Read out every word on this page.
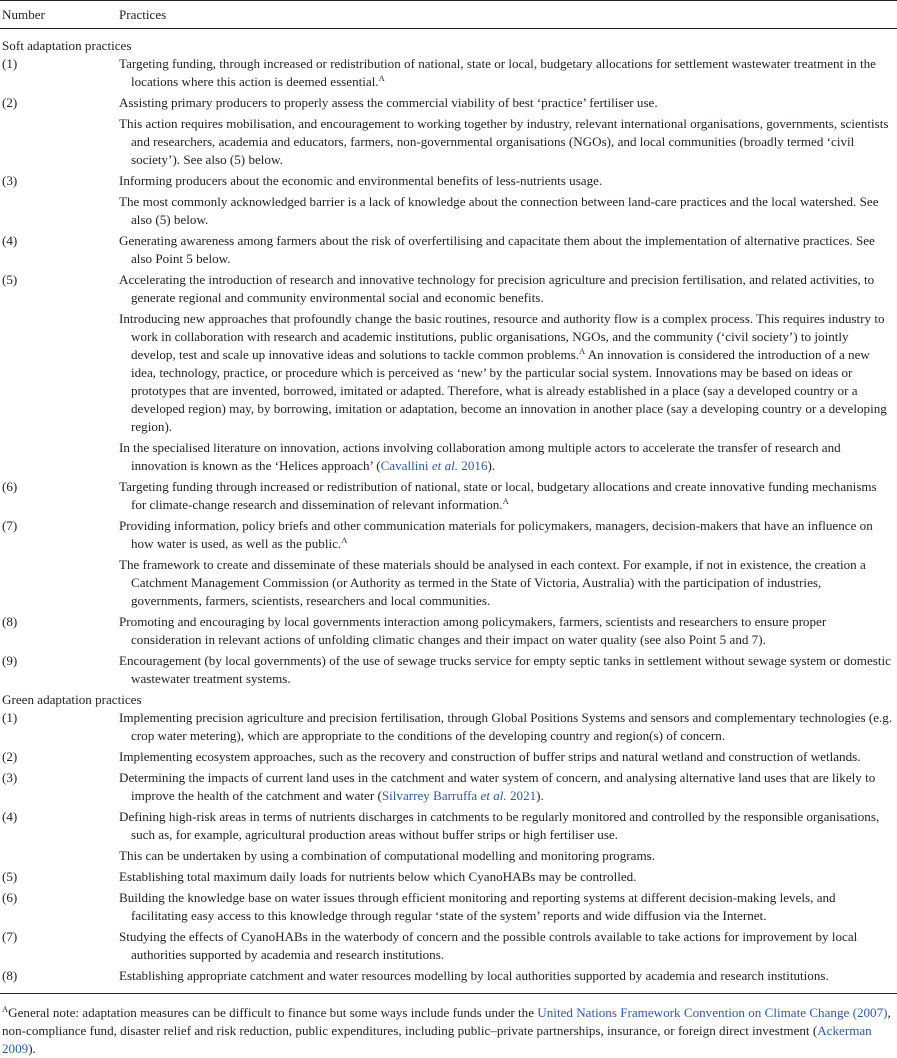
Number	Practices
Soft adaptation practices
(1)	Targeting funding, through increased or redistribution of national, state or local, budgetary allocations for settlement wastewater treatment in the locations where this action is deemed essential.$^A$

(2)	Assisting primary producers to properly assess the commercial viability of best ‘practice’ fertiliser use.

This action requires mobilisation, and encouragement to working together by industry, relevant international organisations, governments, scientists and researchers, academia and educators, farmers, non-governmental organisations (NGOs), and local communities (broadly termed ‘civil society’). See also (5) below.

(3)	Informing producers about the economic and environmental benefits of less-nutrients usage.

The most commonly acknowledged barrier is a lack of knowledge about the connection between land-care practices and the local watershed. See also (5) below.

(4)	Generating awareness among farmers about the risk of overfertilising and capacitate them about the implementation of alternative practices. See also Point 5 below.

(5)	Accelerating the introduction of research and innovative technology for precision agriculture and precision fertilisation, and related activities, to generate regional and community environmental social and economic benefits.

Introducing new approaches that profoundly change the basic routines, resource and authority flow is a complex process. This requires industry to work in collaboration with research and academic institutions, public organisations, NGOs, and the community (‘civil society’) to jointly develop, test and scale up innovative ideas and solutions to tackle common problems.$^A$ An innovation is considered the introduction of a new idea, technology, practice, or procedure which is perceived as ‘new’ by the particular social system. Innovations may be based on ideas or prototypes that are invented, borrowed, imitated or adapted. Therefore, what is already established in a place (say a developed country or a developed region) may, by borrowing, imitation or adaptation, become an innovation in another place (say a developing country or a developing region).

In the specialised literature on innovation, actions involving collaboration among multiple actors to accelerate the transfer of research and innovation is known as the ‘Helices approach’ (Cavallini et al. 2016).

(6)	Targeting funding through increased or redistribution of national, state or local, budgetary allocations and create innovative funding mechanisms for climate-change research and dissemination of relevant information.$^A$

(7)	Providing information, policy briefs and other communication materials for policymakers, managers, decision-makers that have an influence on how water is used, as well as the public.$^A$

The framework to create and disseminate of these materials should be analysed in each context. For example, if not in existence, the creation a Catchment Management Commission (or Authority as termed in the State of Victoria, Australia) with the participation of industries, governments, farmers, scientists, researchers and local communities.

(8)	Promoting and encouraging by local governments interaction among policymakers, farmers, scientists and researchers to ensure proper consideration in relevant actions of unfolding climatic changes and their impact on water quality (see also Point 5 and 7).

(9)	Encouragement (by local governments) of the use of sewage trucks service for empty septic tanks in settlement without sewage system or domestic wastewater treatment systems.

Green adaptation practices
(1)	Implementing precision agriculture and precision fertilisation, through Global Positions Systems and sensors and complementary technologies (e.g. crop water metering), which are appropriate to the conditions of the developing country and region(s) of concern.

(2)	Implementing ecosystem approaches, such as the recovery and construction of buffer strips and natural wetland and construction of wetlands.

(3)	Determining the impacts of current land uses in the catchment and water system of concern, and analysing alternative land uses that are likely to improve the health of the catchment and water (Silvarrey Barruffa et al. 2021).

(4)	Defining high-risk areas in terms of nutrients discharges in catchments to be regularly monitored and controlled by the responsible organisations, such as, for example, agricultural production areas without buffer strips or high fertiliser use.

This can be undertaken by using a combination of computational modelling and monitoring programs.

(5)	Establishing total maximum daily loads for nutrients below which CyanoHABs may be controlled.

(6)	Building the knowledge base on water issues through efficient monitoring and reporting systems at different decision-making levels, and facilitating easy access to this knowledge through regular ‘state of the system’ reports and wide diffusion via the Internet.

(7)	Studying the effects of CyanoHABs in the waterbody of concern and the possible controls available to take actions for improvement by local authorities supported by academia and research institutions.

(8)	Establishing appropriate catchment and water resources modelling by local authorities supported by academia and research institutions.

$^A$General note: adaptation measures can be difficult to finance but some ways include funds under the United Nations Framework Convention on Climate Change (2007), non-compliance fund, disaster relief and risk reduction, public expenditures, including public–private partnerships, insurance, or foreign direct investment (Ackerman 2009).
